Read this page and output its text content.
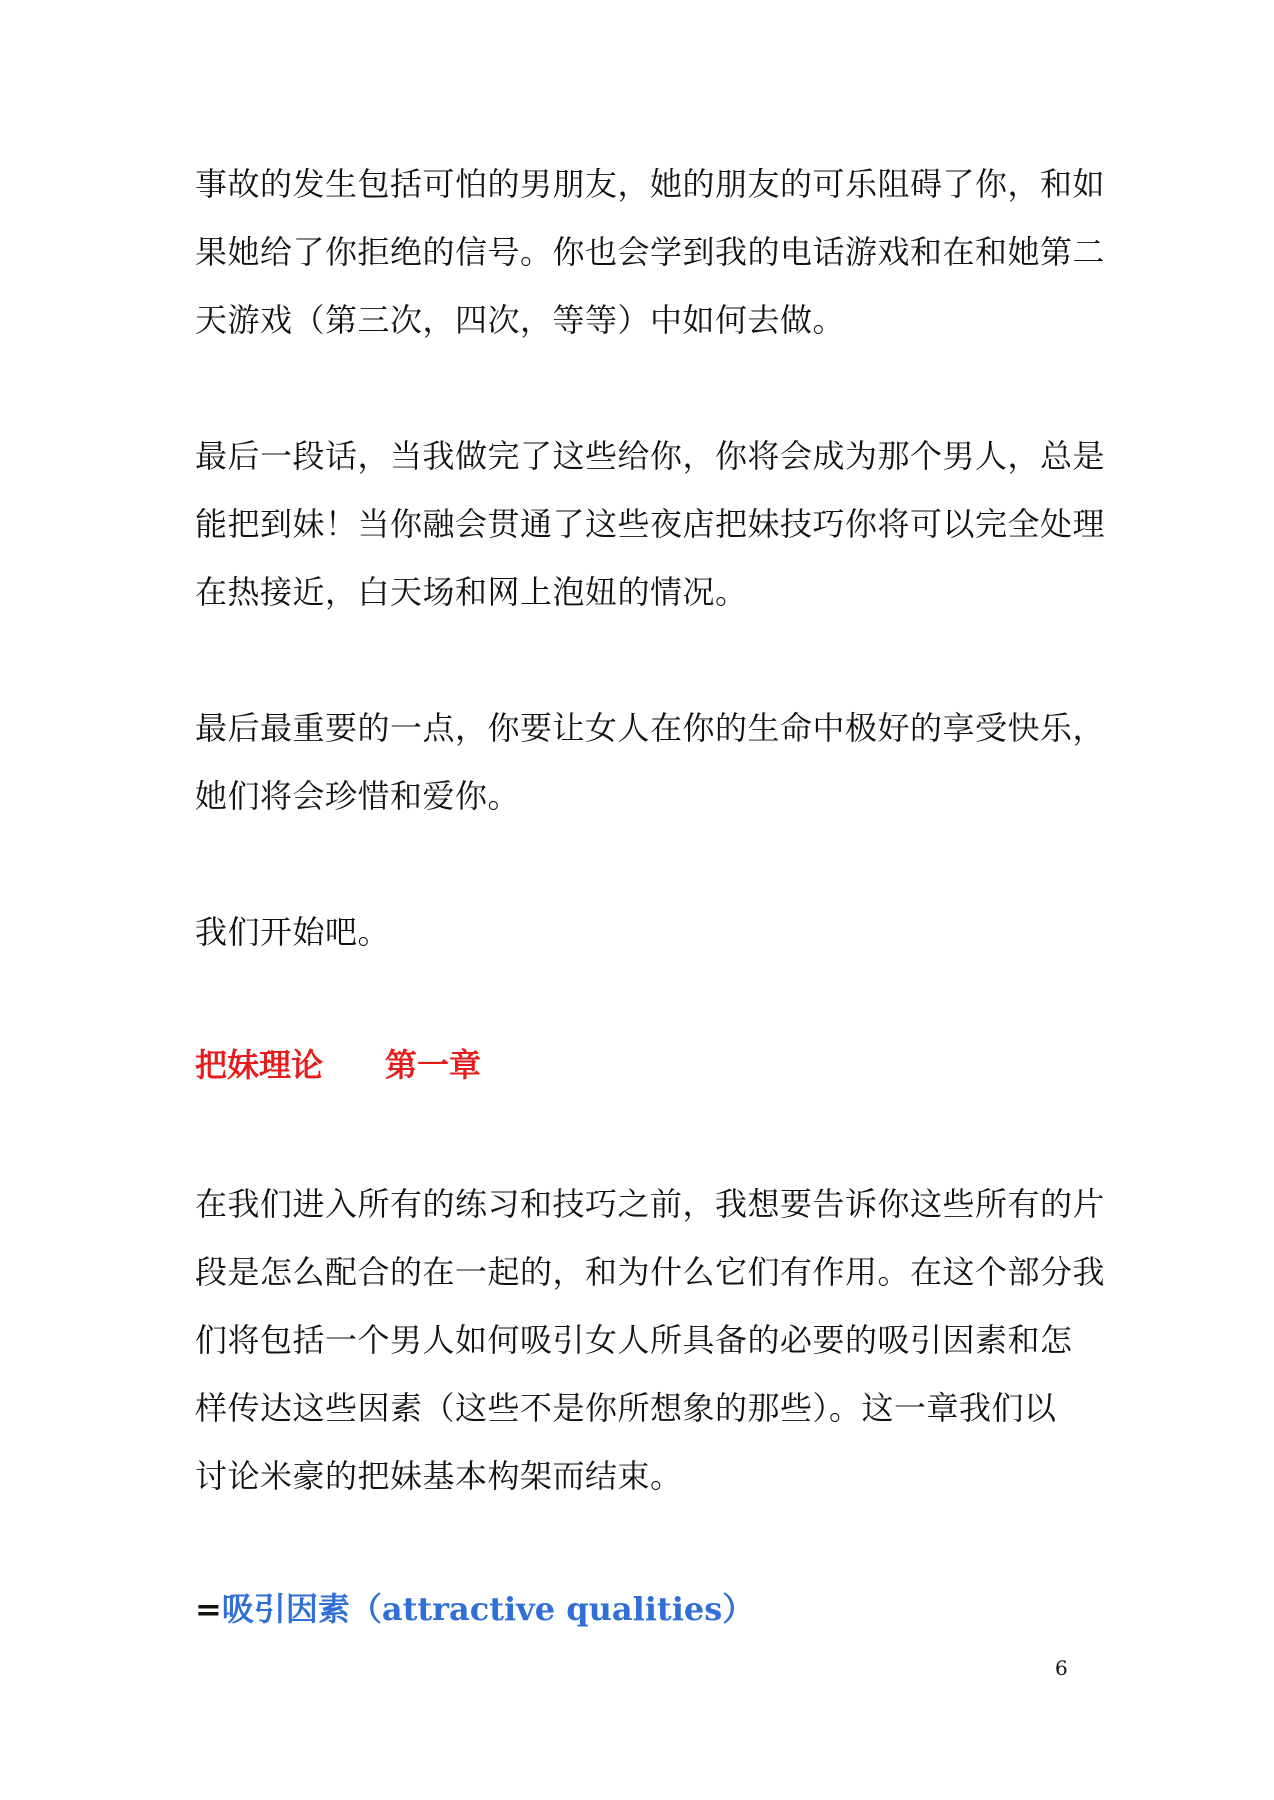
事故的发生包括可怕的男朋友，她的朋友的可乐阻碍了你，和如
果她给了你拒绝的信号。你也会学到我的电话游戏和在和她第二
天游戏（第三次，四次，等等）中如何去做。

最后一段话，当我做完了这些给你，你将会成为那个男人，总是
能把到妹！当你融会贯通了这些夜店把妹技巧你将可以完全处理
在热接近，白天场和网上泡妞的情况。

最后最重要的一点，你要让女人在你的生命中极好的享受快乐，
她们将会珍惜和爱你。

我们开始吧。

把妹理论 第一章

在我们进入所有的练习和技巧之前，我想要告诉你这些所有的片
段是怎么配合的在一起的，和为什么它们有作用。在这个部分我
们将包括一个男人如何吸引女人所具备的必要的吸引因素和怎
样传达这些因素（这些不是你所想象的那些）。这一章我们以
讨论米豪的把妹基本构架而结束。

=吸引因素（attractive qualities）
6
